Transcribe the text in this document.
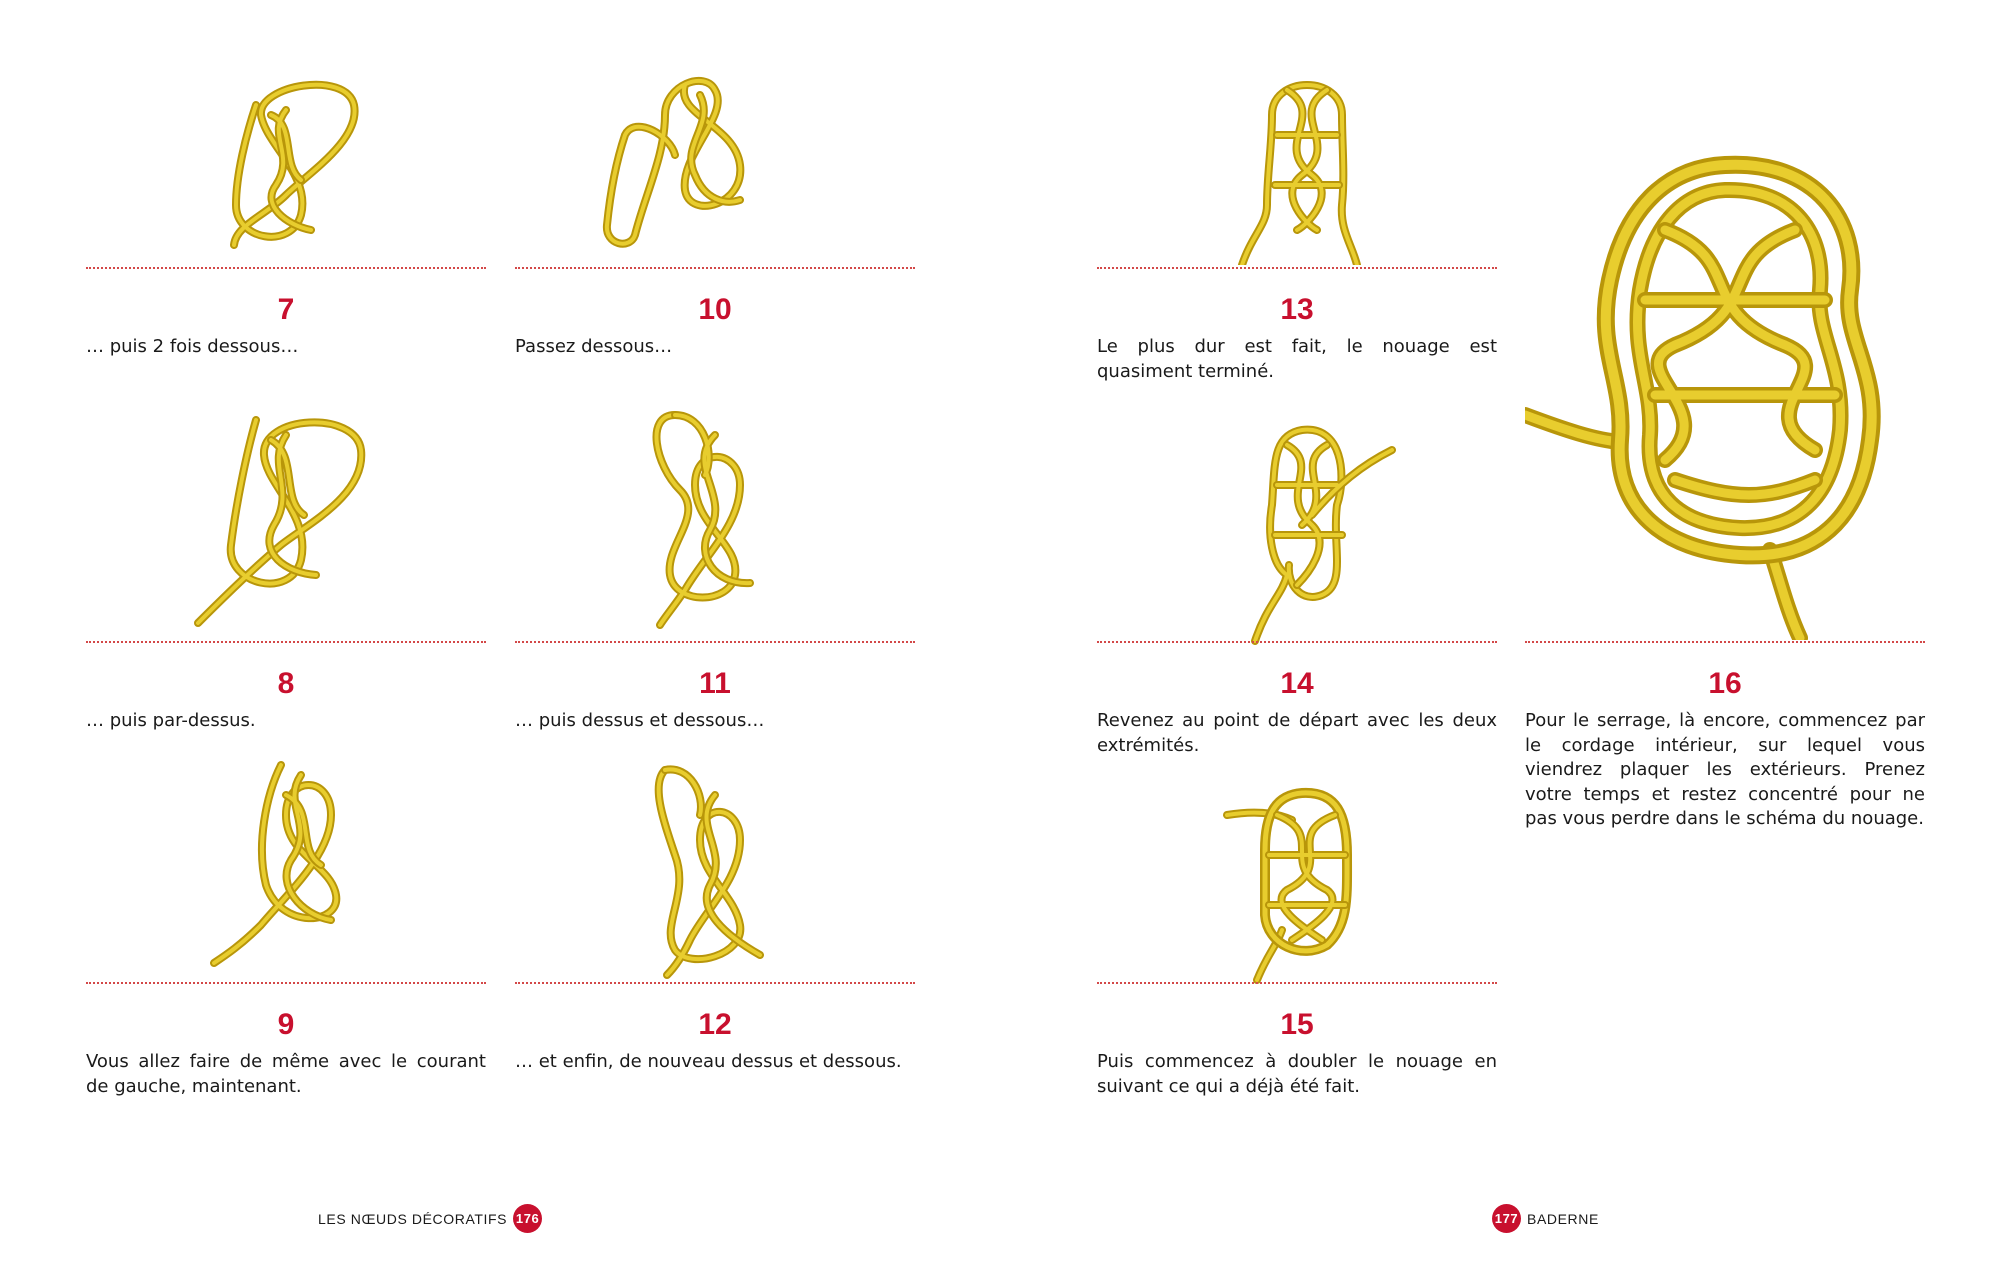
7
… puis 2 fois dessous…
8
… puis par-dessus.
9
Vous allez faire de même avec le courant de gauche, maintenant.
10
Passez dessous…
11
… puis dessus et dessous…
12
… et enfin, de nouveau dessus et dessous.
13
Le plus dur est fait, le nouage est quasiment terminé.
14
Revenez au point de départ avec les deux extrémités.
15
Puis commencez à doubler le nouage en suivant ce qui a déjà été fait.
16
Pour le serrage, là encore, commencez par le cordage intérieur, sur lequel vous viendrez plaquer les extérieurs. Prenez votre temps et restez concentré pour ne pas vous perdre dans le schéma du nouage.
LES NŒUDS DÉCORATIFS 176	177 BADERNE
